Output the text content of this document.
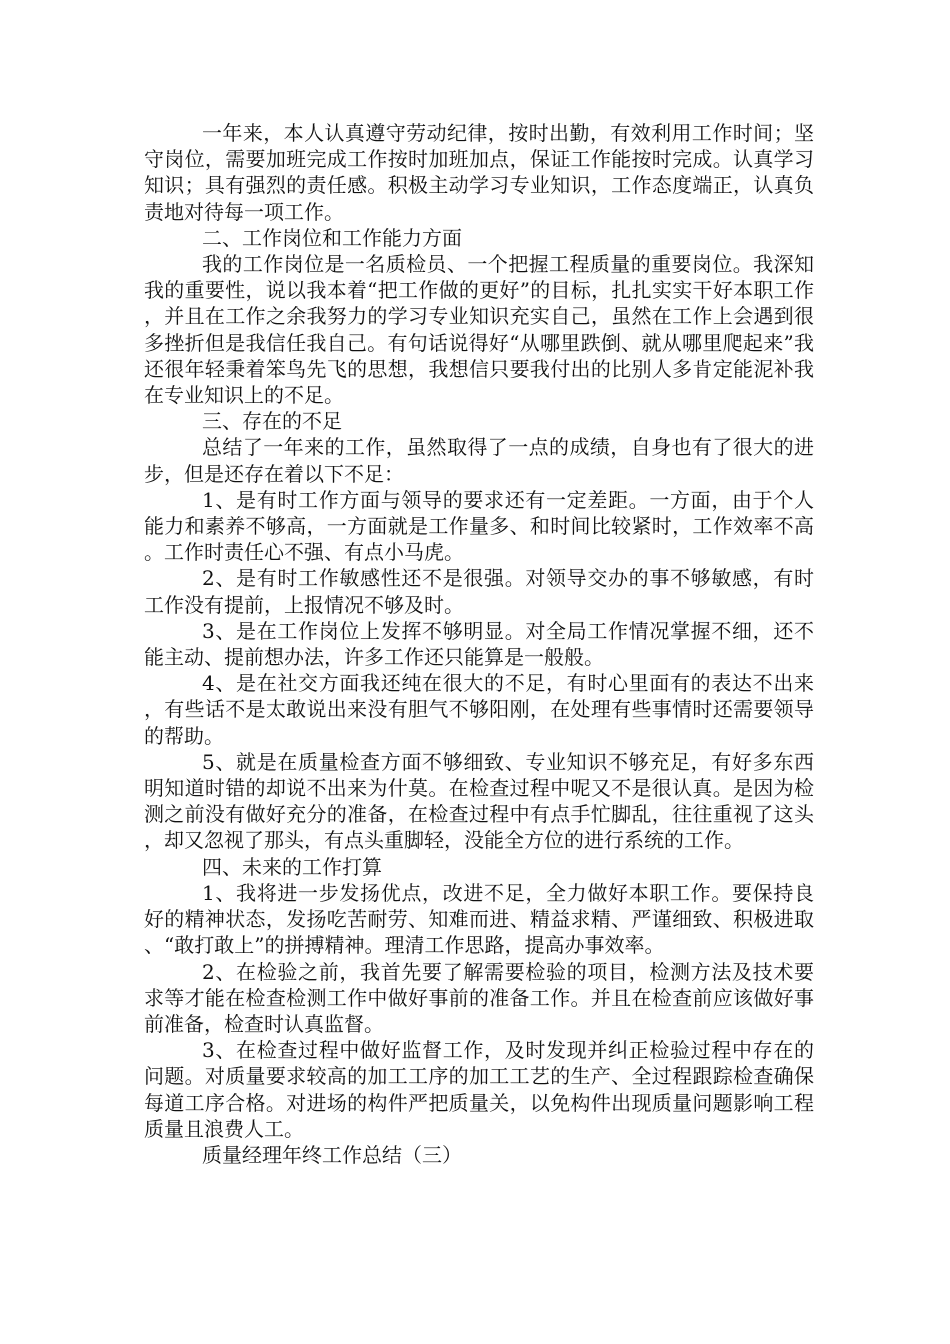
一年来，本人认真遵守劳动纪律，按时出勤，有效利用工作时间；坚守岗位，需要加班完成工作按时加班加点，保证工作能按时完成。认真学习知识；具有强烈的责任感。积极主动学习专业知识，工作态度端正，认真负责地对待每一项工作。

二、工作岗位和工作能力方面

我的工作岗位是一名质检员、一个把握工程质量的重要岗位。我深知我的重要性，说以我本着“把工作做的更好”的目标，扎扎实实干好本职工作，并且在工作之余我努力的学习专业知识充实自己，虽然在工作上会遇到很多挫折但是我信任我自己。有句话说得好“从哪里跌倒、就从哪里爬起来”我还很年轻秉着笨鸟先飞的思想，我想信只要我付出的比别人多肯定能泥补我在专业知识上的不足。

三、存在的不足

总结了一年来的工作，虽然取得了一点的成绩，自身也有了很大的进步，但是还存在着以下不足：

1、是有时工作方面与领导的要求还有一定差距。一方面，由于个人能力和素养不够高，一方面就是工作量多、和时间比较紧时，工作效率不高。工作时责任心不强、有点小马虎。

2、是有时工作敏感性还不是很强。对领导交办的事不够敏感，有时工作没有提前，上报情况不够及时。

3、是在工作岗位上发挥不够明显。对全局工作情况掌握不细，还不能主动、提前想办法，许多工作还只能算是一般般。

4、是在社交方面我还纯在很大的不足，有时心里面有的表达不出来，有些话不是太敢说出来没有胆气不够阳刚，在处理有些事情时还需要领导的帮助。

5、就是在质量检查方面不够细致、专业知识不够充足，有好多东西明知道时错的却说不出来为什莫。在检查过程中呢又不是很认真。是因为检测之前没有做好充分的准备，在检查过程中有点手忙脚乱，往往重视了这头，却又忽视了那头，有点头重脚轻，没能全方位的进行系统的工作。

四、未来的工作打算

1、我将进一步发扬优点，改进不足，全力做好本职工作。要保持良好的精神状态，发扬吃苦耐劳、知难而进、精益求精、严谨细致、积极进取、“敢打敢上”的拼搏精神。理清工作思路，提高办事效率。

2、在检验之前，我首先要了解需要检验的项目，检测方法及技术要求等才能在检查检测工作中做好事前的准备工作。并且在检查前应该做好事前准备，检查时认真监督。

3、在检查过程中做好监督工作，及时发现并纠正检验过程中存在的问题。对质量要求较高的加工工序的加工工艺的生产、全过程跟踪检查确保每道工序合格。对进场的构件严把质量关，以免构件出现质量问题影响工程质量且浪费人工。

质量经理年终工作总结（三）
